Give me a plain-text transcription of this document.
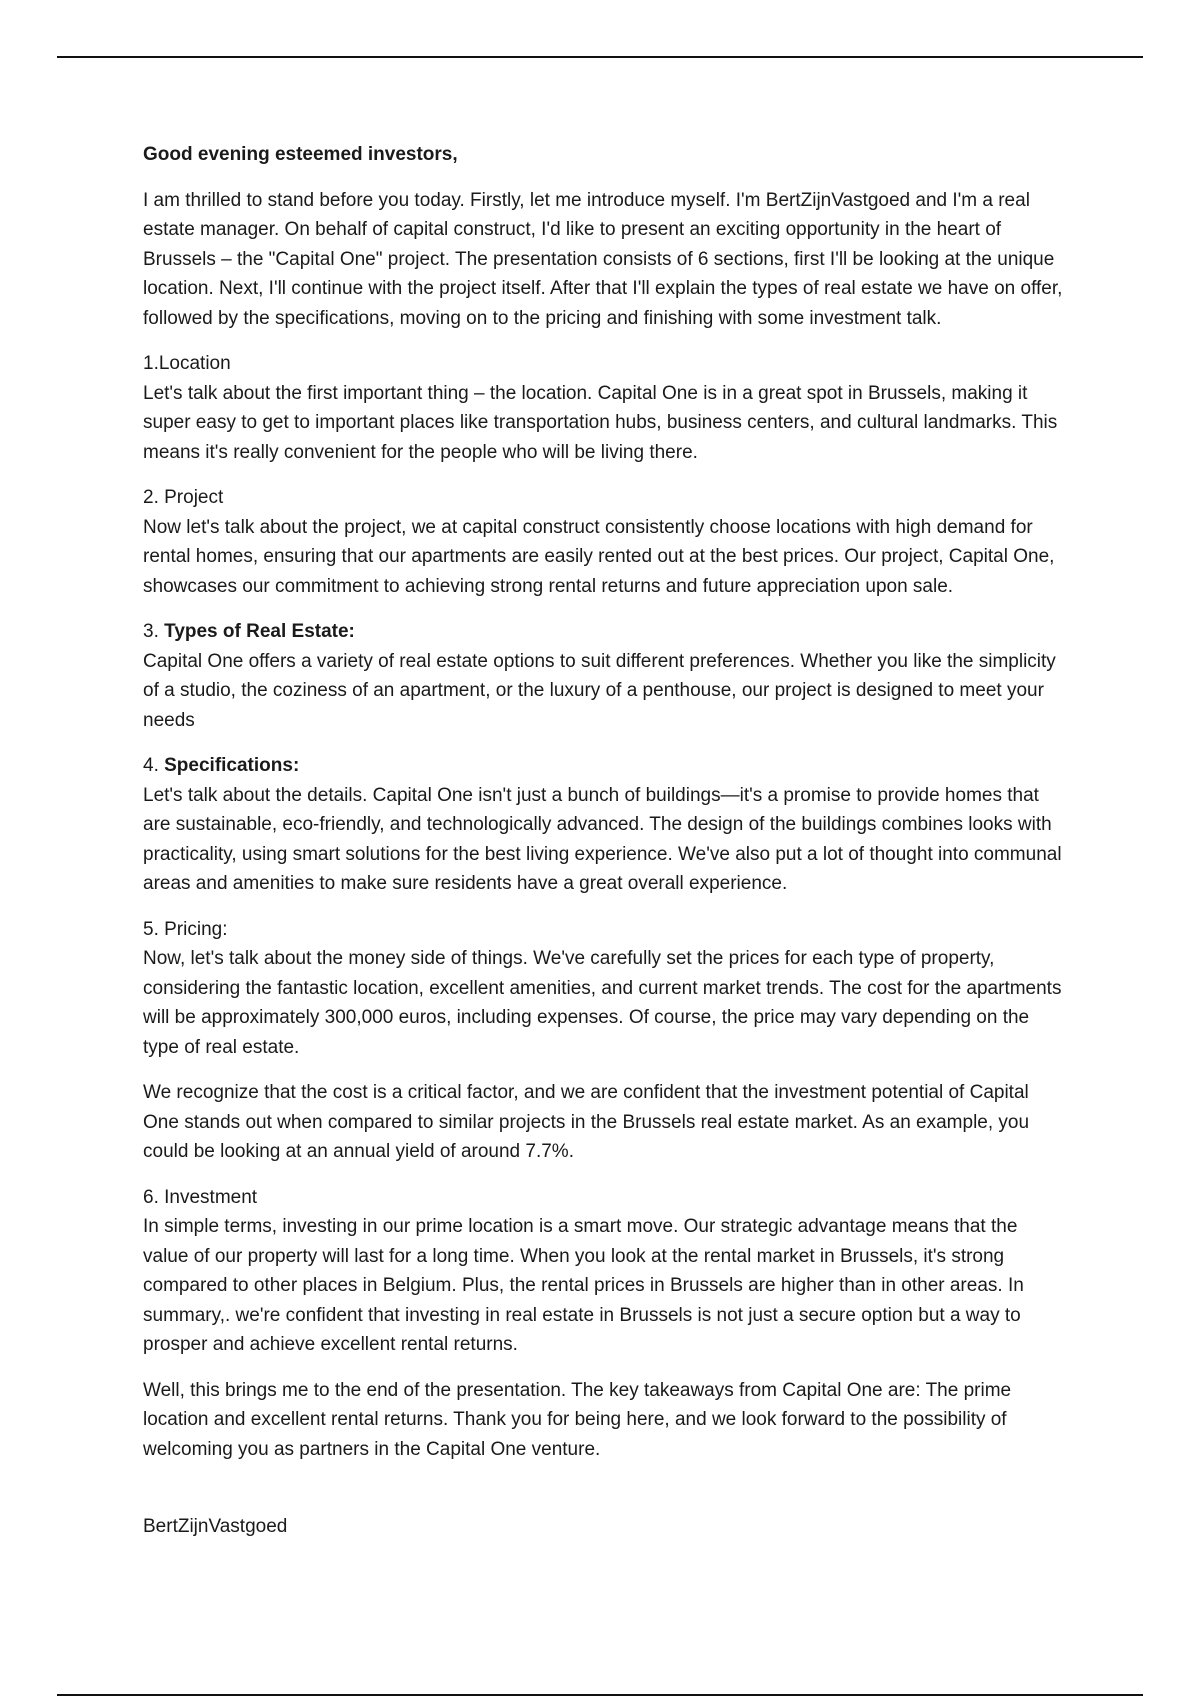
Good evening esteemed investors,

I am thrilled to stand before you today. Firstly, let me introduce myself. I'm BertZijnVastgoed and I'm a real estate manager. On behalf of capital construct, I'd like to present an exciting opportunity in the heart of Brussels – the "Capital One" project. The presentation consists of 6 sections, first I'll be looking at the unique location. Next, I'll continue with the project itself. After that I'll explain the types of real estate we have on offer, followed by the specifications, moving on to the pricing and finishing with some investment talk.

1.Location
Let's talk about the first important thing – the location. Capital One is in a great spot in Brussels, making it super easy to get to important places like transportation hubs, business centers, and cultural landmarks. This means it's really convenient for the people who will be living there.
2. Project
Now let's talk about the project, we at capital construct consistently choose locations with high demand for rental homes, ensuring that our apartments are easily rented out at the best prices. Our project, Capital One, showcases our commitment to achieving strong rental returns and future appreciation upon sale.
3. Types of Real Estate:
Capital One offers a variety of real estate options to suit different preferences. Whether you like the simplicity of a studio, the coziness of an apartment, or the luxury of a penthouse, our project is designed to meet your needs
4. Specifications:
Let's talk about the details. Capital One isn't just a bunch of buildings—it's a promise to provide homes that are sustainable, eco-friendly, and technologically advanced. The design of the buildings combines looks with practicality, using smart solutions for the best living experience. We've also put a lot of thought into communal areas and amenities to make sure residents have a great overall experience.
5. Pricing:
Now, let's talk about the money side of things. We've carefully set the prices for each type of property, considering the fantastic location, excellent amenities, and current market trends. The cost for the apartments will be approximately 300,000 euros, including expenses. Of course, the price may vary depending on the type of real estate.

We recognize that the cost is a critical factor, and we are confident that the investment potential of Capital One stands out when compared to similar projects in the Brussels real estate market. As an example, you could be looking at an annual yield of around 7.7%.

6. Investment
In simple terms, investing in our prime location is a smart move. Our strategic advantage means that the value of our property will last for a long time. When you look at the rental market in Brussels, it's strong compared to other places in Belgium. Plus, the rental prices in Brussels are higher than in other areas. In summary,. we're confident that investing in real estate in Brussels is not just a secure option but a way to prosper and achieve excellent rental returns.

Well, this brings me to the end of the presentation. The key takeaways from Capital One are: The prime location and excellent rental returns. Thank you for being here, and we look forward to the possibility of welcoming you as partners in the Capital One venture.

BertZijnVastgoed
